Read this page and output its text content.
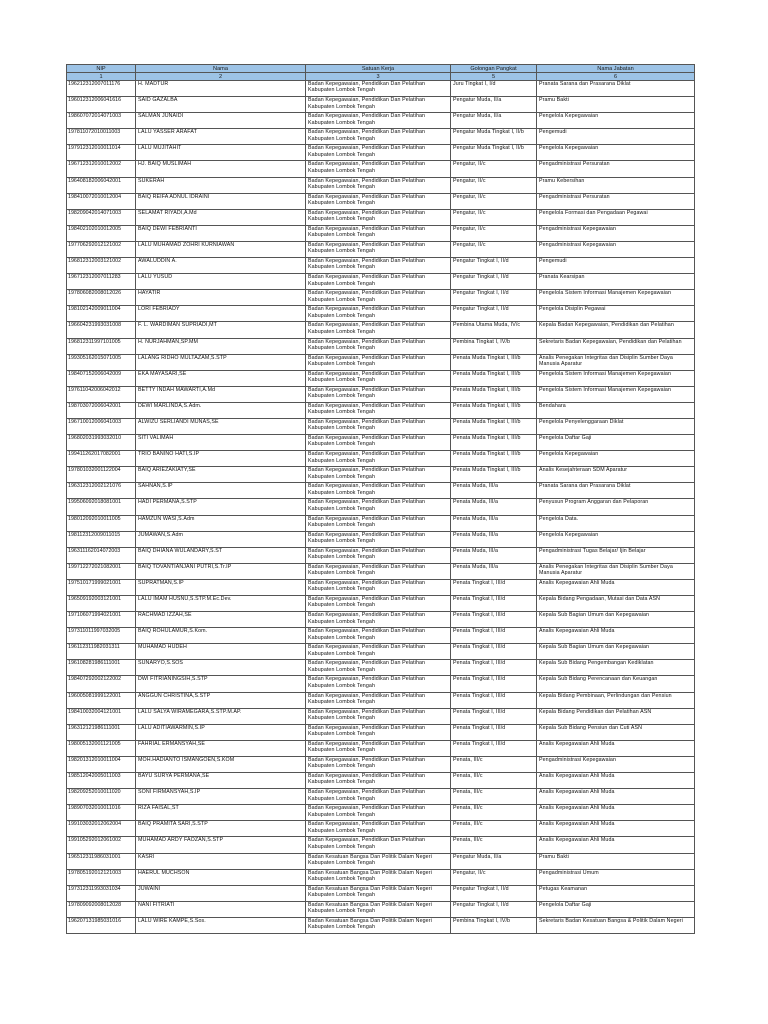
NIP	Nama	Satuan Kerja	Golongan Pangkat	Nama Jabatan
1	2	3	5	6
196212312007011176	H. MADTUR	Badan Kepegawaian, Pendidikan Dan Pelatihan Kabupaten Lombok Tengah	Juru Tingkat I, I/d	Pranata Sarana dan Prasarana Diklat
196012312006041616	SAID GAZALBA	Badan Kepegawaian, Pendidikan Dan Pelatihan Kabupaten Lombok Tengah	Pengatur Muda, II/a	Pramu Bakti
198607072014071003	SALMAN JUNAIDI	Badan Kepegawaian, Pendidikan Dan Pelatihan Kabupaten Lombok Tengah	Pengatur Muda, II/a	Pengelola Kepegawaian
197811072010011003	LALU YASSER ARAFAT	Badan Kepegawaian, Pendidikan Dan Pelatihan Kabupaten Lombok Tengah	Pengatur Muda Tingkat I, II/b	Pengemudi
197912312010011014	LALU MUJITAHIT	Badan Kepegawaian, Pendidikan Dan Pelatihan Kabupaten Lombok Tengah	Pengatur Muda Tingkat I, II/b	Pengelola Kepegawaian
196712312010012002	HJ. BAIQ MUSLIMAH	Badan Kepegawaian, Pendidikan Dan Pelatihan Kabupaten Lombok Tengah	Pengatur, II/c	Pengadministrasi Persuratan
196408182006042001	SUKERAH	Badan Kepegawaian, Pendidikan Dan Pelatihan Kabupaten Lombok Tengah	Pengatur, II/c	Pramu Kebersihan
198410072010012004	BAIQ REIFA ADNUL IDRAINI	Badan Kepegawaian, Pendidikan Dan Pelatihan Kabupaten Lombok Tengah	Pengatur, II/c	Pengadministrasi Persuratan
198209042014071003	SELAMAT RIYADI,A.Md	Badan Kepegawaian, Pendidikan Dan Pelatihan Kabupaten Lombok Tengah	Pengatur, II/c	Pengelola Formasi dan Pengadaan Pegawai
198402102010012005	BAIQ DEWI FEBRIANTI	Badan Kepegawaian, Pendidikan Dan Pelatihan Kabupaten Lombok Tengah	Pengatur, II/c	Pengadministrasi Kepegawaian
197706292012121002	LALU MUHAMAD ZOHRI KURNIAWAN	Badan Kepegawaian, Pendidikan Dan Pelatihan Kabupaten Lombok Tengah	Pengatur, II/c	Pengadministrasi Kepegawaian
196812312003121002	AWALUDDIN A.	Badan Kepegawaian, Pendidikan Dan Pelatihan Kabupaten Lombok Tengah	Pengatur Tingkat I, II/d	Pengemudi
196712312007011283	LALU YUSUD	Badan Kepegawaian, Pendidikan Dan Pelatihan Kabupaten Lombok Tengah	Pengatur Tingkat I, II/d	Pranata Kearsipan
197806082008012026	HAYATIR	Badan Kepegawaian, Pendidikan Dan Pelatihan Kabupaten Lombok Tengah	Pengatur Tingkat I, II/d	Pengelola Sistem Informasi Manajemen Kepegawaian
198102142009011004	LORI FEBRIADY	Badan Kepegawaian, Pendidikan Dan Pelatihan Kabupaten Lombok Tengah	Pengatur Tingkat I, II/d	Pengelola Disiplin Pegawai
196604231993031008	F. L. WARDIMAN SUPRIADI,MT	Badan Kepegawaian, Pendidikan Dan Pelatihan Kabupaten Lombok Tengah	Pembina Utama Muda, IV/c	Kepala Badan Kepegawaian, Pendidikan dan Pelatihan
196812311997101005	H. NURJAHMAN,SP.MM	Badan Kepegawaian, Pendidikan Dan Pelatihan Kabupaten Lombok Tengah	Pembina Tingkat I, IV/b	Sekretaris Badan Kepegawaian, Pendidikan dan Pelatihan
199305162015071005	LALANG RIDHO MULTAZAM,S.STP	Badan Kepegawaian, Pendidikan Dan Pelatihan Kabupaten Lombok Tengah	Penata Muda Tingkat I, III/b	Analis Penegakan Integritas dan Disiplin Sumber Daya Manusia Aparatur
198407152006042009	EKA MAYASARI,SE	Badan Kepegawaian, Pendidikan Dan Pelatihan Kabupaten Lombok Tengah	Penata Muda Tingkat I, III/b	Pengelola Sistem Informasi Manajemen Kepegawaian
197611042006042012	BETTY INDAH MAWARTI,A.Md	Badan Kepegawaian, Pendidikan Dan Pelatihan Kabupaten Lombok Tengah	Penata Muda Tingkat I, III/b	Pengelola Sistem Informasi Manajemen Kepegawaian
198703072006042001	DEWI MARLINDA,S.Adm.	Badan Kepegawaian, Pendidikan Dan Pelatihan Kabupaten Lombok Tengah	Penata Muda Tingkat I, III/b	Bendahara
196710012006041003	ALWIZU SERLIANDI MUNAS,SE	Badan Kepegawaian, Pendidikan Dan Pelatihan Kabupaten Lombok Tengah	Penata Muda Tingkat I, III/b	Pengelola Penyelenggaraan Diklat
196802031993032010	SITI VALIMAH	Badan Kepegawaian, Pendidikan Dan Pelatihan Kabupaten Lombok Tengah	Penata Muda Tingkat I, III/b	Pengelola Daftar Gaji
199411262017082001	TRIO BANINO HATI,S.IP	Badan Kepegawaian, Pendidikan Dan Pelatihan Kabupaten Lombok Tengah	Penata Muda Tingkat I, III/b	Pengelola Kepegawaian
197801032001122004	BAIQ ARIEZAKIATY,SE	Badan Kepegawaian, Pendidikan Dan Pelatihan Kabupaten Lombok Tengah	Penata Muda Tingkat I, III/b	Analis Kesejahteraan SDM Aparatur
196312312002121076	SAHNAN,S.IP	Badan Kepegawaian, Pendidikan Dan Pelatihan Kabupaten Lombok Tengah	Penata Muda, III/a	Pranata Sarana dan Prasarana Diklat
199506092018081001	HADI PERMANA,S.STP	Badan Kepegawaian, Pendidikan Dan Pelatihan Kabupaten Lombok Tengah	Penata Muda, III/a	Penyusun Program Anggaran dan Pelaporan
198012092010011005	HAMZUN WASI,S.Adm	Badan Kepegawaian, Pendidikan Dan Pelatihan Kabupaten Lombok Tengah	Penata Muda, III/a	Pengelola Data.
198112312009011015	JUMAWAN,S.Adm	Badan Kepegawaian, Pendidikan Dan Pelatihan Kabupaten Lombok Tengah	Penata Muda, III/a	Pengelola Kepegawaian
196311162014072003	BAIQ DHIANA WULANDARY,S.ST	Badan Kepegawaian, Pendidikan Dan Pelatihan Kabupaten Lombok Tengah	Penata Muda, III/a	Pengadministrasi Tugas Belajar/ Ijin Belajar
199712272021082001	BAIQ TOVANTIANJANI PUTRI,S.Tr.IP	Badan Kepegawaian, Pendidikan Dan Pelatihan Kabupaten Lombok Tengah	Penata Muda, III/a	Analis Penegakan Integritas dan Disiplin Sumber Daya Manusia Aparatur
197510171999021001	SUPRATMAN,S.IP	Badan Kepegawaian, Pendidikan Dan Pelatihan Kabupaten Lombok Tengah	Penata Tingkat I, III/d	Analis Kepegawaian Ahli Muda
196509192003121001	LALU IMAM HUSNU,S.STP.M.Ec.Dev.	Badan Kepegawaian, Pendidikan Dan Pelatihan Kabupaten Lombok Tengah	Penata Tingkat I, III/d	Kepala Bidang Pengadaan, Mutasi dan Data ASN
197106071994021001	RACHMAD IZZAH,SE	Badan Kepegawaian, Pendidikan Dan Pelatihan Kabupaten Lombok Tengah	Penata Tingkat I, III/d	Kepala Sub Bagian Umum dan Kepegawaian
197311011997032005	BAIQ ROHULAMUR,S.Kom.	Badan Kepegawaian, Pendidikan Dan Pelatihan Kabupaten Lombok Tengah	Penata Tingkat I, III/d	Analis Kepegawaian Ahli Muda
196112311982031311	MUHAMAD HUDEH	Badan Kepegawaian, Pendidikan Dan Pelatihan Kabupaten Lombok Tengah	Penata Tingkat I, III/d	Kepala Sub Bagian Umum dan Kepegawaian
196108281986111001	SUNARYO,S.SOS	Badan Kepegawaian, Pendidikan Dan Pelatihan Kabupaten Lombok Tengah	Penata Tingkat I, III/d	Kepala Sub Bidang Pengembangan Kediklatan
198407292002122002	DWI FITRIANINGSIH,S.STP	Badan Kepegawaian, Pendidikan Dan Pelatihan Kabupaten Lombok Tengah	Penata Tingkat I, III/d	Kepala Sub Bidang Perencanaan dan Keuangan
196005081999122001	ANGGUN CHRISTINA,S.STP	Badan Kepegawaian, Pendidikan Dan Pelatihan Kabupaten Lombok Tengah	Penata Tingkat I, III/d	Kepala Bidang Pembinaan, Perlindungan dan Pensiun
198410032004121001	LALU SALYA WIRAMEGARA,S.STP.M.AP.	Badan Kepegawaian, Pendidikan Dan Pelatihan Kabupaten Lombok Tengah	Penata Tingkat I, III/d	Kepala Bidang Pendidikan dan Pelatihan ASN
196312121986111001	LALU ADITIAWARMIN,S.IP	Badan Kepegawaian, Pendidikan Dan Pelatihan Kabupaten Lombok Tengah	Penata Tingkat I, III/d	Kepala Sub Bidang Pensiun dan Cuti ASN
198005132001121005	FAHRIAL ERMANSYAH,SE	Badan Kepegawaian, Pendidikan Dan Pelatihan Kabupaten Lombok Tengah	Penata Tingkat I, III/d	Analis Kepegawaian Ahli Muda
198201312010011004	MOH.HADIANTO ISMANGOEN,S.KOM	Badan Kepegawaian, Pendidikan Dan Pelatihan Kabupaten Lombok Tengah	Penata, III/c	Pengadministrasi Kepegawaian
198512042005011003	BAYU SURYA PERMANA,SE	Badan Kepegawaian, Pendidikan Dan Pelatihan Kabupaten Lombok Tengah	Penata, III/c	Analis Kepegawaian Ahli Muda
198209252010011020	SONI FIRMANSYAH,S.IP	Badan Kepegawaian, Pendidikan Dan Pelatihan Kabupaten Lombok Tengah	Penata, III/c	Analis Kepegawaian Ahli Muda
198907032010011016	RIZA FAISAL,ST	Badan Kepegawaian, Pendidikan Dan Pelatihan Kabupaten Lombok Tengah	Penata, III/c	Analis Kepegawaian Ahli Muda
199103032012062004	BAIQ PRAMITA SARI,S.STP	Badan Kepegawaian, Pendidikan Dan Pelatihan Kabupaten Lombok Tengah	Penata, III/c	Analis Kepegawaian Ahli Muda
199105292012061002	MUHAMAD ARDY FAOZAN,S.STP	Badan Kepegawaian, Pendidikan Dan Pelatihan Kabupaten Lombok Tengah	Penata, III/c	Analis Kepegawaian Ahli Muda
196512311986031001	KASRI	Badan Kesatuan Bangsa Dan Politik Dalam Negeri Kabupaten Lombok Tengah	Pengatur Muda, II/a	Pramu Bakti
197805192012121003	HAERUL MUCHSON	Badan Kesatuan Bangsa Dan Politik Dalam Negeri Kabupaten Lombok Tengah	Pengatur, II/c	Pengadministrasi Umum
197312311993031034	JUWAINI	Badan Kesatuan Bangsa Dan Politik Dalam Negeri Kabupaten Lombok Tengah	Pengatur Tingkat I, II/d	Petugas Keamanan
197809092008012028	NANI FITRIATI	Badan Kesatuan Bangsa Dan Politik Dalam Negeri Kabupaten Lombok Tengah	Pengatur Tingkat I, II/d	Pengelola Daftar Gaji
196207131985031016	LALU WIRE KAMPE,S.Sos.	Badan Kesatuan Bangsa Dan Politik Dalam Negeri Kabupaten Lombok Tengah	Pembina Tingkat I, IV/b	Sekretaris Badan Kesatuan Bangsa & Politik Dalam Negeri
